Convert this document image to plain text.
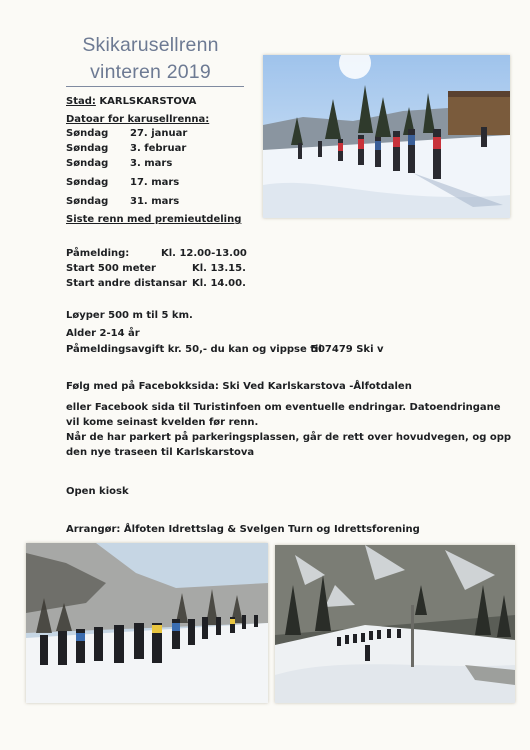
Skikarusellrenn
vinteren 2019
Stad: KARLSKARSTOVA
Datoar for karusellrenna:
Søndag 27. januar
Søndag 3. februar
Søndag 3. mars
Søndag 17. mars
Søndag 31. mars
Siste renn med premieutdeling
Påmelding:	Kl. 12.00-13.00
Start 500 meter	Kl. 13.15.
Start andre distansar Kl. 14.00.
Løyper 500 m til 5 km.
Alder 2-14 år
Påmeldingsavgift kr. 50,- du kan og vippse til
507479 Ski v
Følg med på Facebokksida: Ski Ved Karlskarstova -Ålfotdalen
eller Facebook sida til Turistinfoen om eventuelle endringar. Datoendringane
vil kome seinast kvelden før renn.
Når de har parkert på parkeringsplassen, går de rett over hovudvegen, og opp
den nye traseen til Karlskarstova
Open kiosk
Arrangør: Ålfoten Idrettslag & Svelgen Turn og Idrettsforening
